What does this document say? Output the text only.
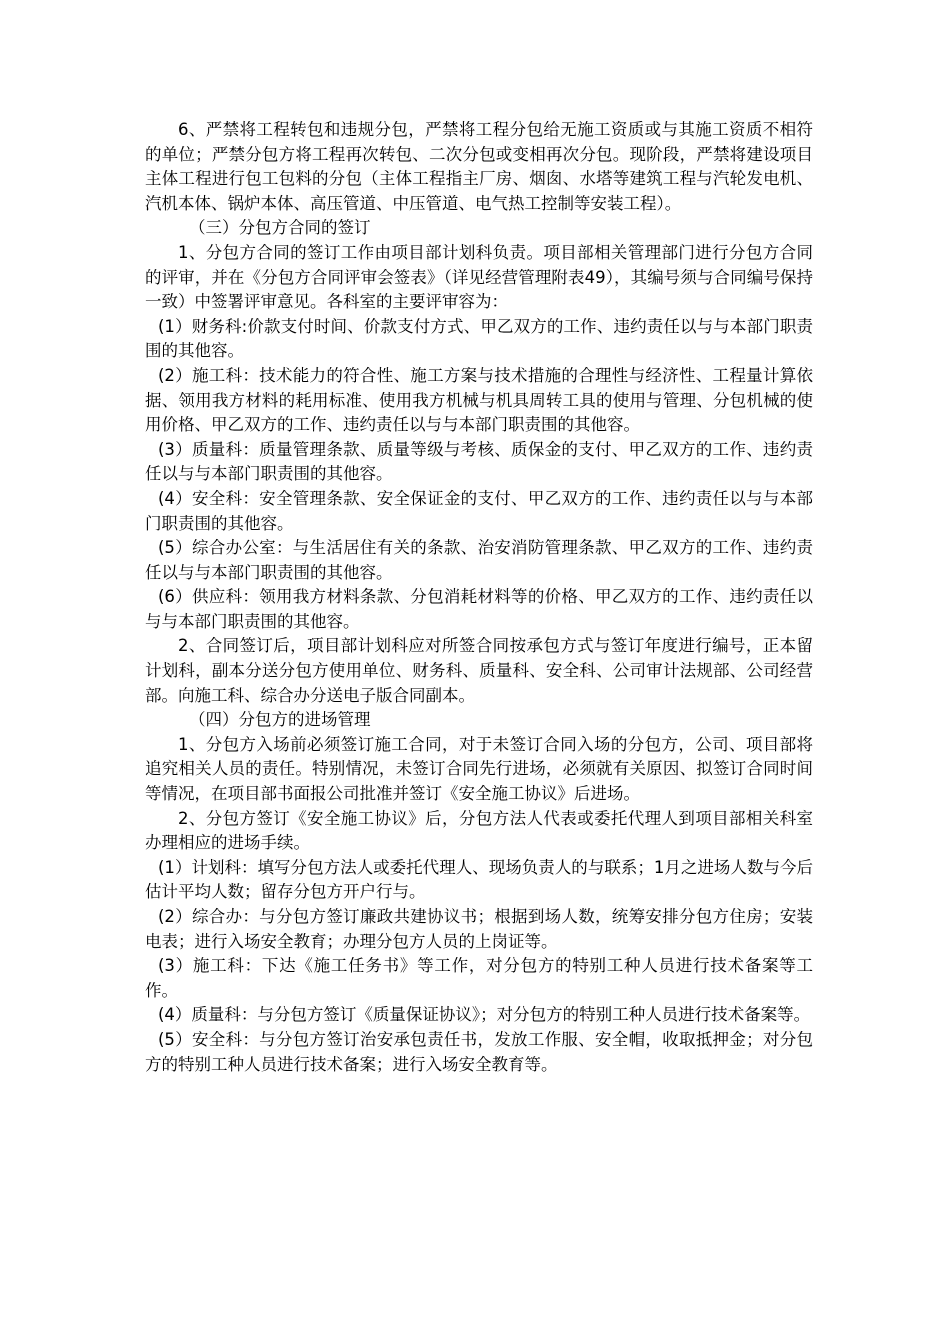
6、严禁将工程转包和违规分包，严禁将工程分包给无施工资质或与其施工资质不相符的单位；严禁分包方将工程再次转包、二次分包或变相再次分包。现阶段，严禁将建设项目主体工程进行包工包料的分包（主体工程指主厂房、烟囱、水塔等建筑工程与汽轮发电机、汽机本体、锅炉本体、高压管道、中压管道、电气热工控制等安装工程）。

（三）分包方合同的签订

1、分包方合同的签订工作由项目部计划科负责。项目部相关管理部门进行分包方合同的评审，并在《分包方合同评审会签表》（详见经营管理附表49），其编号须与合同编号保持一致）中签署评审意见。各科室的主要评审容为：

(1）财务科:价款支付时间、价款支付方式、甲乙双方的工作、违约责任以与与本部门职责围的其他容。

(2）施工科：技术能力的符合性、施工方案与技术措施的合理性与经济性、工程量计算依据、领用我方材料的耗用标准、使用我方机械与机具周转工具的使用与管理、分包机械的使用价格、甲乙双方的工作、违约责任以与与本部门职责围的其他容。

(3）质量科：质量管理条款、质量等级与考核、质保金的支付、甲乙双方的工作、违约责任以与与本部门职责围的其他容。

(4）安全科：安全管理条款、安全保证金的支付、甲乙双方的工作、违约责任以与与本部门职责围的其他容。

(5）综合办公室：与生活居住有关的条款、治安消防管理条款、甲乙双方的工作、违约责任以与与本部门职责围的其他容。

(6）供应科：领用我方材料条款、分包消耗材料等的价格、甲乙双方的工作、违约责任以与与本部门职责围的其他容。

2、合同签订后，项目部计划科应对所签合同按承包方式与签订年度进行编号，正本留计划科，副本分送分包方使用单位、财务科、质量科、安全科、公司审计法规部、公司经营部。向施工科、综合办分送电子版合同副本。

（四）分包方的进场管理

1、分包方入场前必须签订施工合同，对于未签订合同入场的分包方，公司、项目部将追究相关人员的责任。特别情况，未签订合同先行进场，必须就有关原因、拟签订合同时间等情况，在项目部书面报公司批准并签订《安全施工协议》后进场。

2、分包方签订《安全施工协议》后，分包方法人代表或委托代理人到项目部相关科室办理相应的进场手续。

(1）计划科：填写分包方法人或委托代理人、现场负责人的与联系；1月之进场人数与今后估计平均人数；留存分包方开户行与。

(2）综合办：与分包方签订廉政共建协议书；根据到场人数，统筹安排分包方住房；安装电表；进行入场安全教育；办理分包方人员的上岗证等。

(3）施工科：下达《施工任务书》等工作，对分包方的特别工种人员进行技术备案等工作。

(4）质量科：与分包方签订《质量保证协议》；对分包方的特别工种人员进行技术备案等。

(5）安全科：与分包方签订治安承包责任书，发放工作服、安全帽，收取抵押金；对分包方的特别工种人员进行技术备案；进行入场安全教育等。
